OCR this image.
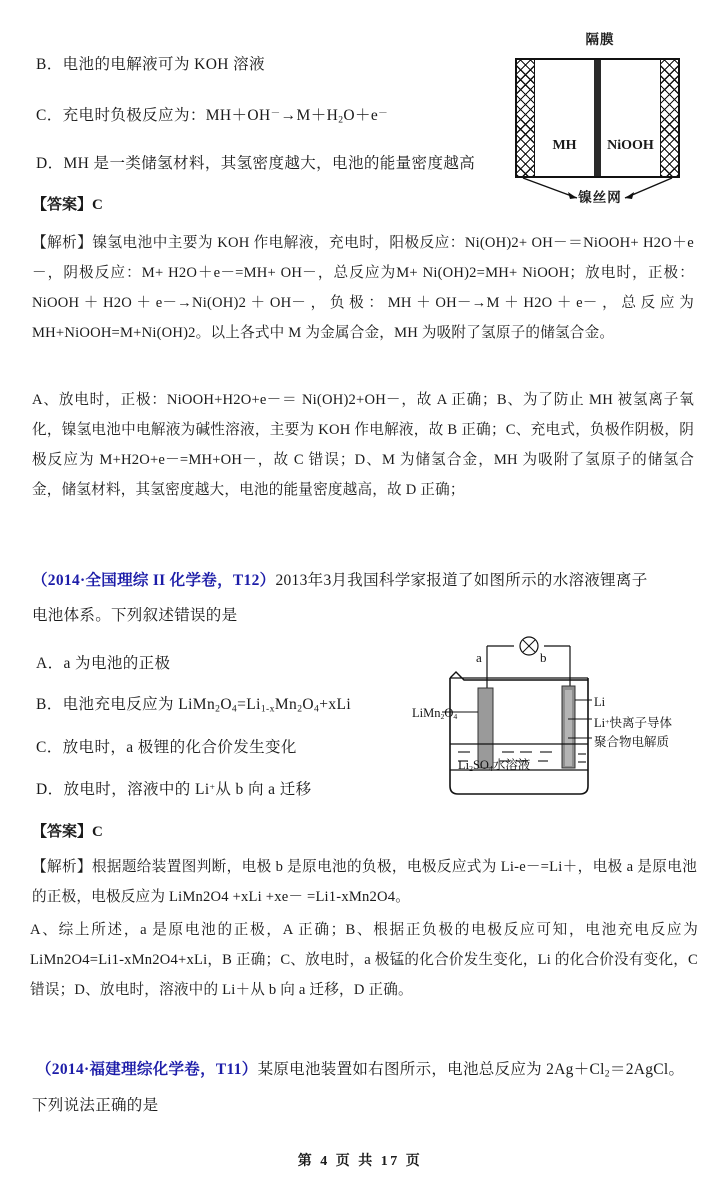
B．电池的电解液可为 KOH 溶液
C．充电时负极反应为：$MH+OH^-\to M+H_2O+e^-$
D．MH 是一类储氢材料，其氢密度越大，电池的能量密度越高
【答案】C
【解析】镍氢电池中主要为 KOH 作电解液，充电时，阳极反应：Ni(OH)2+ OH－＝NiOOH+ H2O＋e－，阴极反应：M+ H2O＋e－=MH+ OH－，总反应为M+ Ni(OH)2=MH+ NiOOH；放电时，正极：NiOOH＋H2O＋e－→Ni(OH)2＋OH－，负极：MH＋OH－→M＋H2O＋e－，总反应为MH+NiOOH=M+Ni(OH)2。以上各式中 M 为金属合金，MH 为吸附了氢原子的储氢合金。
A、放电时，正极：NiOOH+H2O+e－＝ Ni(OH)2+OH－，故 A 正确；B、为了防止 MH 被氢离子氧化，镍氢电池中电解液为碱性溶液，主要为 KOH 作电解液，故 B 正确；C、充电式，负极作阴极，阴极反应为 M+H2O+e－=MH+OH－，故 C 错误；D、M 为储氢合金，MH 为吸附了氢原子的储氢合金，储氢材料，其氢密度越大，电池的能量密度越高，故 D 正确；
隔膜
MH NiOOH
镍丝网
（2014·全国理综 II 化学卷，T12）2013年3月我国科学家报道了如图所示的水溶液锂离子
电池体系。下列叙述错误的是
A．a 为电池的正极
B．电池充电反应为 $LiMn_2O_4=Li_{1-x}Mn_2O_4+xLi$
C．放电时，a 极锂的化合价发生变化
D．放电时，溶液中的 Li+从 b 向 a 迁移
【答案】C
【解析】根据题给装置图判断，电极 b 是原电池的负极，电极反应式为 Li-e－=Li＋，电极 a 是原电池的正极，电极反应为 LiMn2O4 +xLi +xe－ =Li1-xMn2O4。
A、综上所述，a 是原电池的正极，A 正确；B、根据正负极的电极反应可知，电池充电反应为 LiMn2O4=Li1-xMn2O4+xLi，B 正确；C、放电时，a 极锰的化合价发生变化，Li 的化合价没有变化，C 错误；D、放电时，溶液中的 Li＋从 b 向 a 迁移，D 正确。
a	b
$LiMn_2O_4$
Li
Li+快离子导体
聚合物电解质
$Li_2SO_4$水溶液
（2014·福建理综化学卷，T11）某原电池装置如右图所示，电池总反应为 $2Ag+Cl_2=2AgCl$。
下列说法正确的是
第 4 页 共 17 页
